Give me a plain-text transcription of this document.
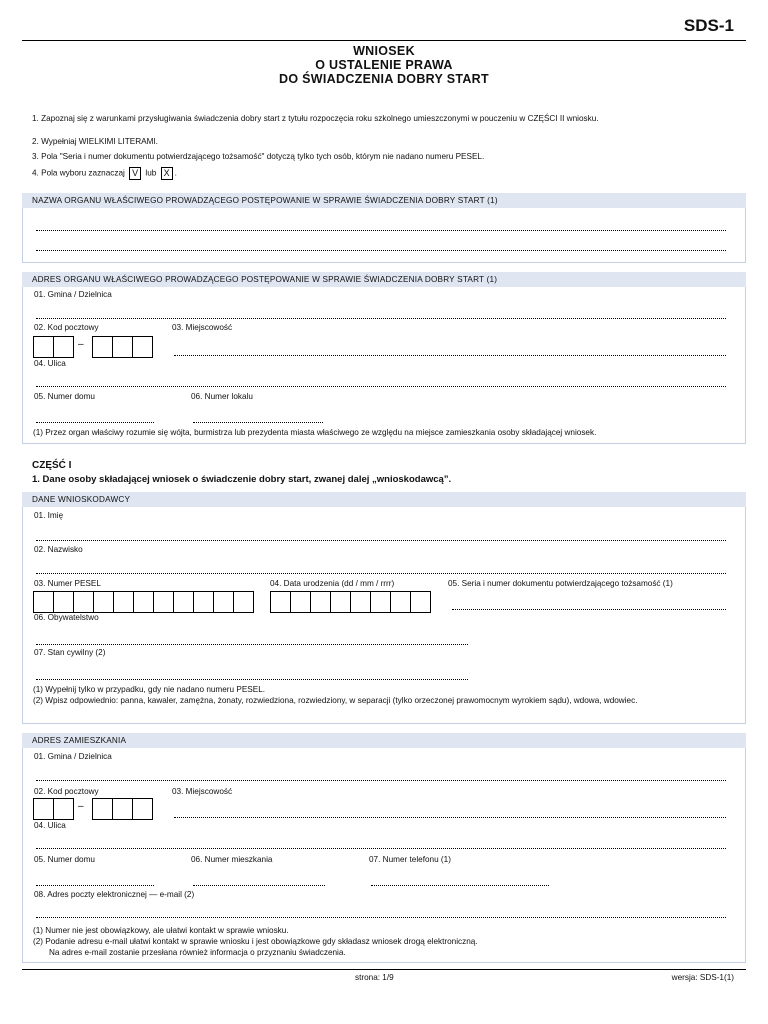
SDS-1
WNIOSEK
O USTALENIE PRAWA
DO ŚWIADCZENIA DOBRY START
1. Zapoznaj się z warunkami przysługiwania świadczenia dobry start z tytułu rozpoczęcia roku szkolnego umieszczonymi w pouczeniu w CZĘŚCI II wniosku.
2. Wypełniaj WIELKIMI LITERAMI.
3. Pola "Seria i numer dokumentu potwierdzającego tożsamość" dotyczą tylko tych osób, którym nie nadano numeru PESEL.
4. Pola wyboru zaznaczaj V lub X .
NAZWA ORGANU WŁAŚCIWEGO PROWADZĄCEGO POSTĘPOWANIE W SPRAWIE ŚWIADCZENIA DOBRY START (1)
ADRES ORGANU WŁAŚCIWEGO PROWADZĄCEGO POSTĘPOWANIE W SPRAWIE ŚWIADCZENIA DOBRY START (1)
01. Gmina / Dzielnica
02. Kod pocztowy
–
03. Miejscowość
04. Ulica
05. Numer domu	06. Numer lokalu
(1) Przez organ właściwy rozumie się wójta, burmistrza lub prezydenta miasta właściwego ze względu na miejsce zamieszkania osoby składającej wniosek.
CZĘŚĆ I
1. Dane osoby składającej wniosek o świadczenie dobry start, zwanej dalej „wnioskodawcą”.
DANE WNIOSKODAWCY
01. Imię
02. Nazwisko
03. Numer PESEL	04. Data urodzenia (dd / mm / rrrr)	05. Seria i numer dokumentu potwierdzającego tożsamość (1)
06. Obywatelstwo
07. Stan cywilny (2)
(1) Wypełnij tylko w przypadku, gdy nie nadano numeru PESEL.
(2) Wpisz odpowiednio: panna, kawaler, zamężna, żonaty, rozwiedziona, rozwiedziony, w separacji (tylko orzeczonej prawomocnym wyrokiem sądu), wdowa, wdowiec.
ADRES ZAMIESZKANIA
01. Gmina / Dzielnica
02. Kod pocztowy
–
03. Miejscowość
04. Ulica
05. Numer domu	06. Numer mieszkania	07. Numer telefonu (1)
08. Adres poczty elektronicznej — e-mail (2)
(1) Numer nie jest obowiązkowy, ale ułatwi kontakt w sprawie wniosku.
(2) Podanie adresu e-mail ułatwi kontakt w sprawie wniosku i jest obowiązkowe gdy składasz wniosek drogą elektroniczną.
Na adres e-mail zostanie przesłana również informacja o przyznaniu świadczenia.
strona: 1/9	wersja: SDS-1(1)
